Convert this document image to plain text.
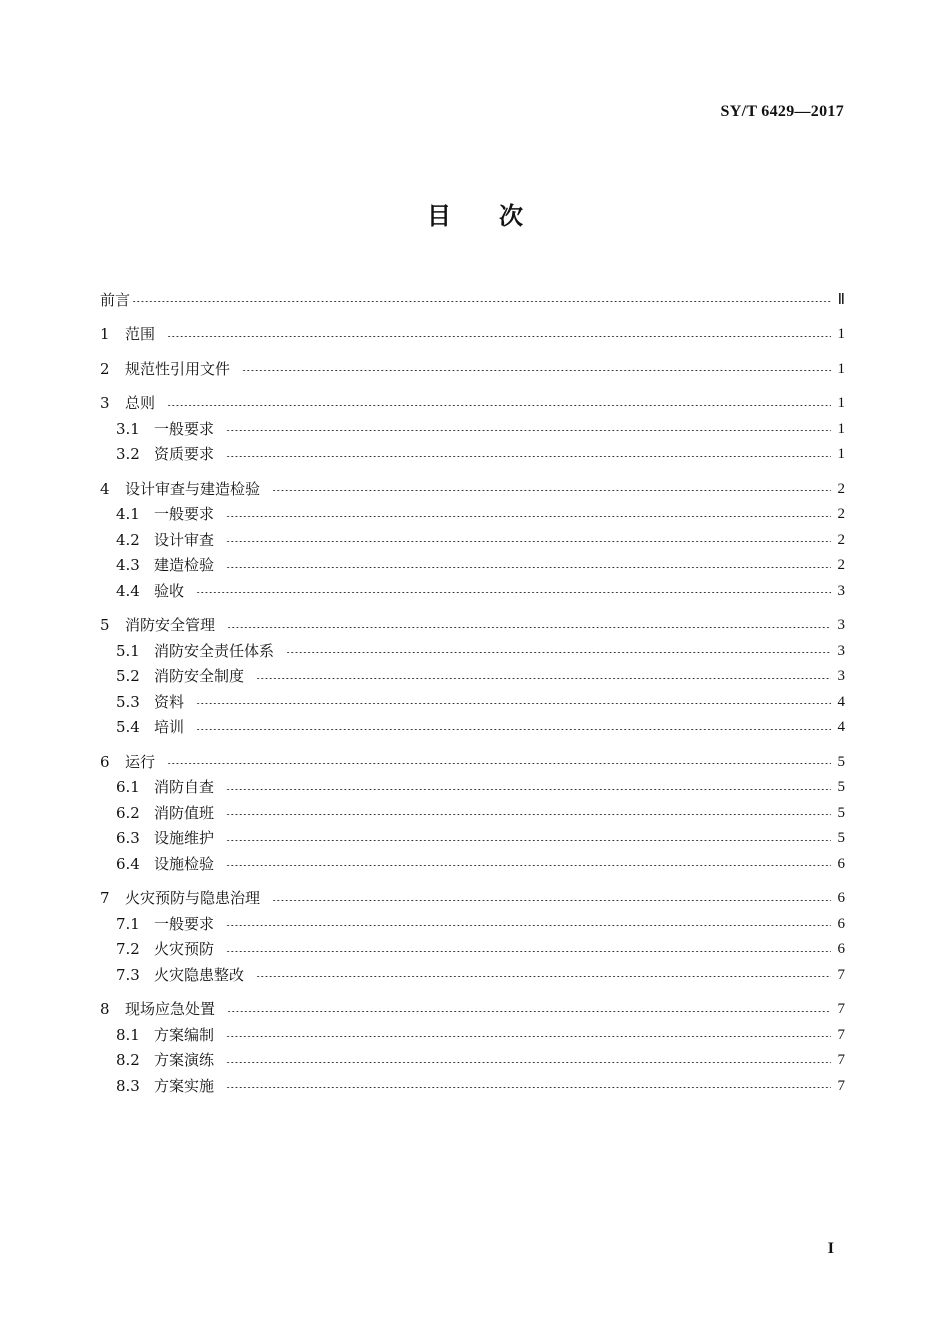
SY/T 6429—2017
目次
前言	Ⅱ
1	范围	1
2	规范性引用文件	1
3	总则	1
3.1 一般要求	1
3.2 资质要求	1
4	设计审查与建造检验	2
4.1 一般要求	2
4.2 设计审查	2
4.3 建造检验	2
4.4 验收	3
5	消防安全管理	3
5.1 消防安全责任体系	3
5.2 消防安全制度	3
5.3 资料	4
5.4 培训	4
6	运行	5
6.1 消防自查	5
6.2 消防值班	5
6.3 设施维护	5
6.4 设施检验	6
7	火灾预防与隐患治理	6
7.1 一般要求	6
7.2 火灾预防	6
7.3 火灾隐患整改	7
8	现场应急处置	7
8.1 方案编制	7
8.2 方案演练	7
8.3 方案实施	7
I
